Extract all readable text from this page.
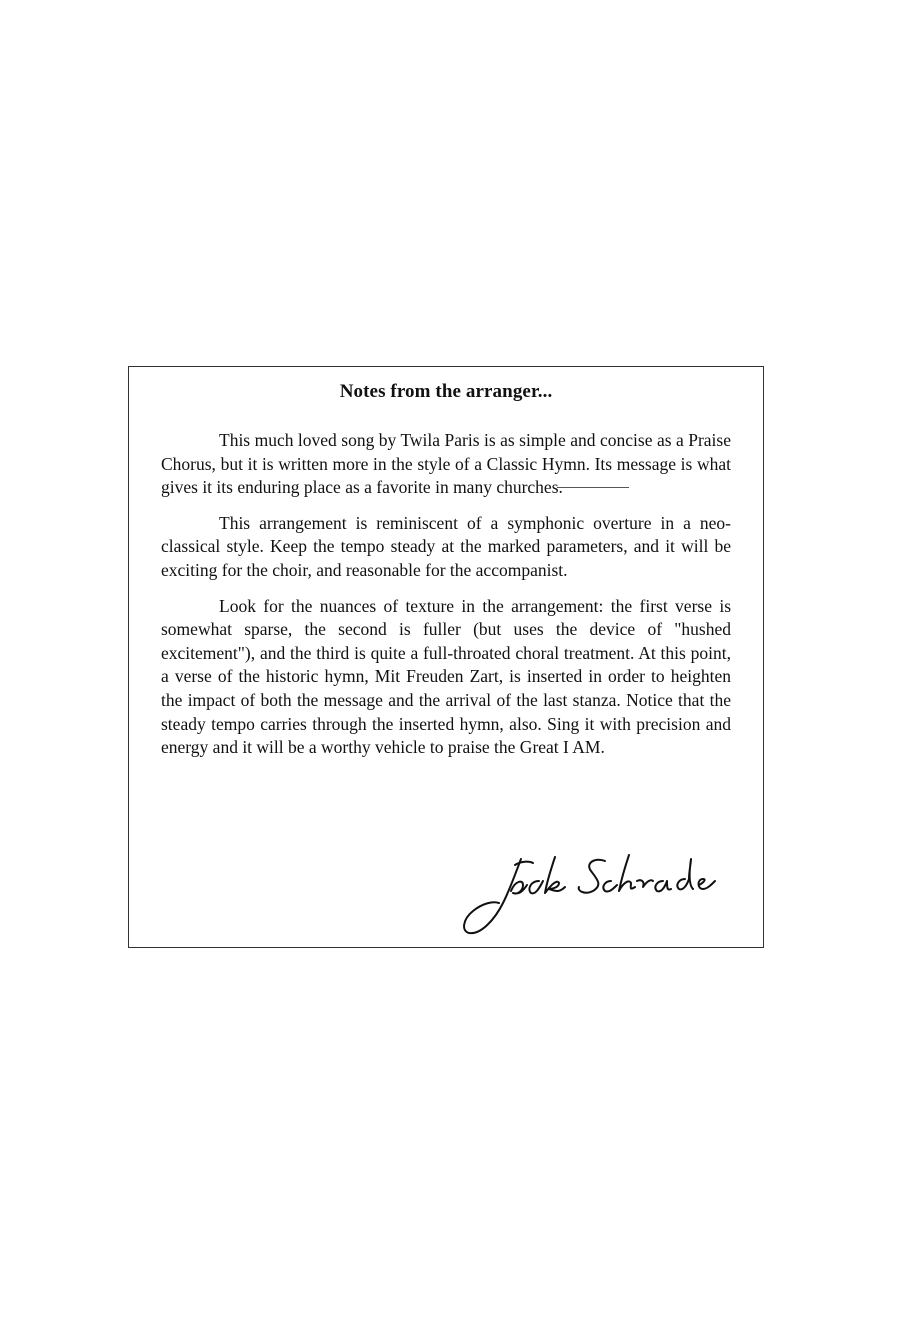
Notes from the arranger...

This much loved song by Twila Paris is as simple and concise as a Praise Chorus, but it is written more in the style of a Classic Hymn. Its message is what gives it its enduring place as a favorite in many churches.

This arrangement is reminiscent of a symphonic overture in a neo-classical style. Keep the tempo steady at the marked parameters, and it will be exciting for the choir, and reasonable for the accompanist.

Look for the nuances of texture in the arrangement: the first verse is somewhat sparse, the second is fuller (but uses the device of "hushed excitement"), and the third is quite a full-throated choral treatment. At this point, a verse of the historic hymn, Mit Freuden Zart, is inserted in order to heighten the impact of both the message and the arrival of the last stanza. Notice that the steady tempo carries through the inserted hymn, also. Sing it with precision and energy and it will be a worthy vehicle to praise the Great I AM.
